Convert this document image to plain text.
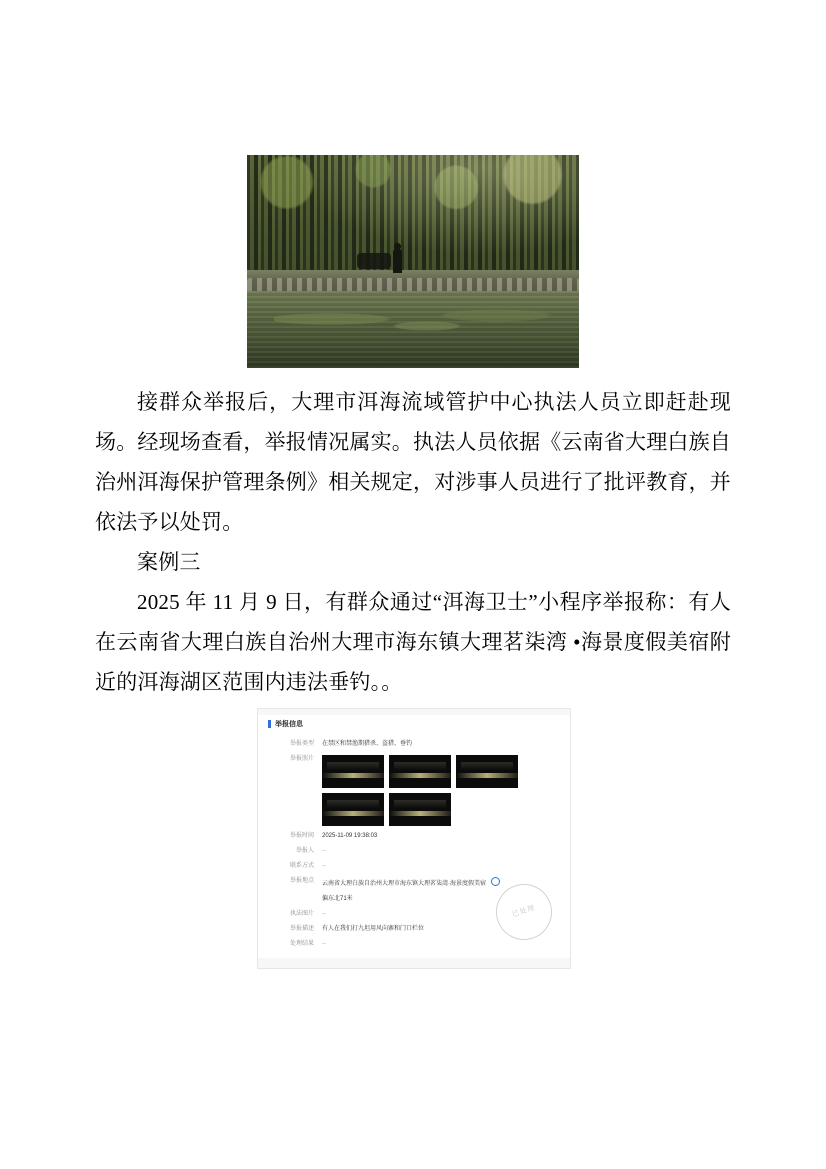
接群众举报后，大理市洱海流域管护中心执法人员立即赶赴现场。经现场查看，举报情况属实。执法人员依据《云南省大理白族自治州洱海保护管理条例》相关规定，对涉事人员进行了批评教育，并依法予以处罚。

案例三

2025 年 11 月 9 日，有群众通过“洱海卫士”小程序举报称：有人在云南省大理白族自治州大理市海东镇大理茗柒湾 •海景度假美宿附近的洱海湖区范围内违法垂钓。。

举报信息
举报类型	在禁区和禁渔期猎杀、盗猎、垂钓
举报照片
举报时间	2025-11-09 19:38:03
举报人	--
联系方式	--
举报地点	云南省大理白族自治州大理市海东镇大理茗柒湾·海景度假美宿
偏东北71米
执法图片	--
举报描述	有人在我们打九坦用风向寨和门口栏位
处理结果	--
已处理
